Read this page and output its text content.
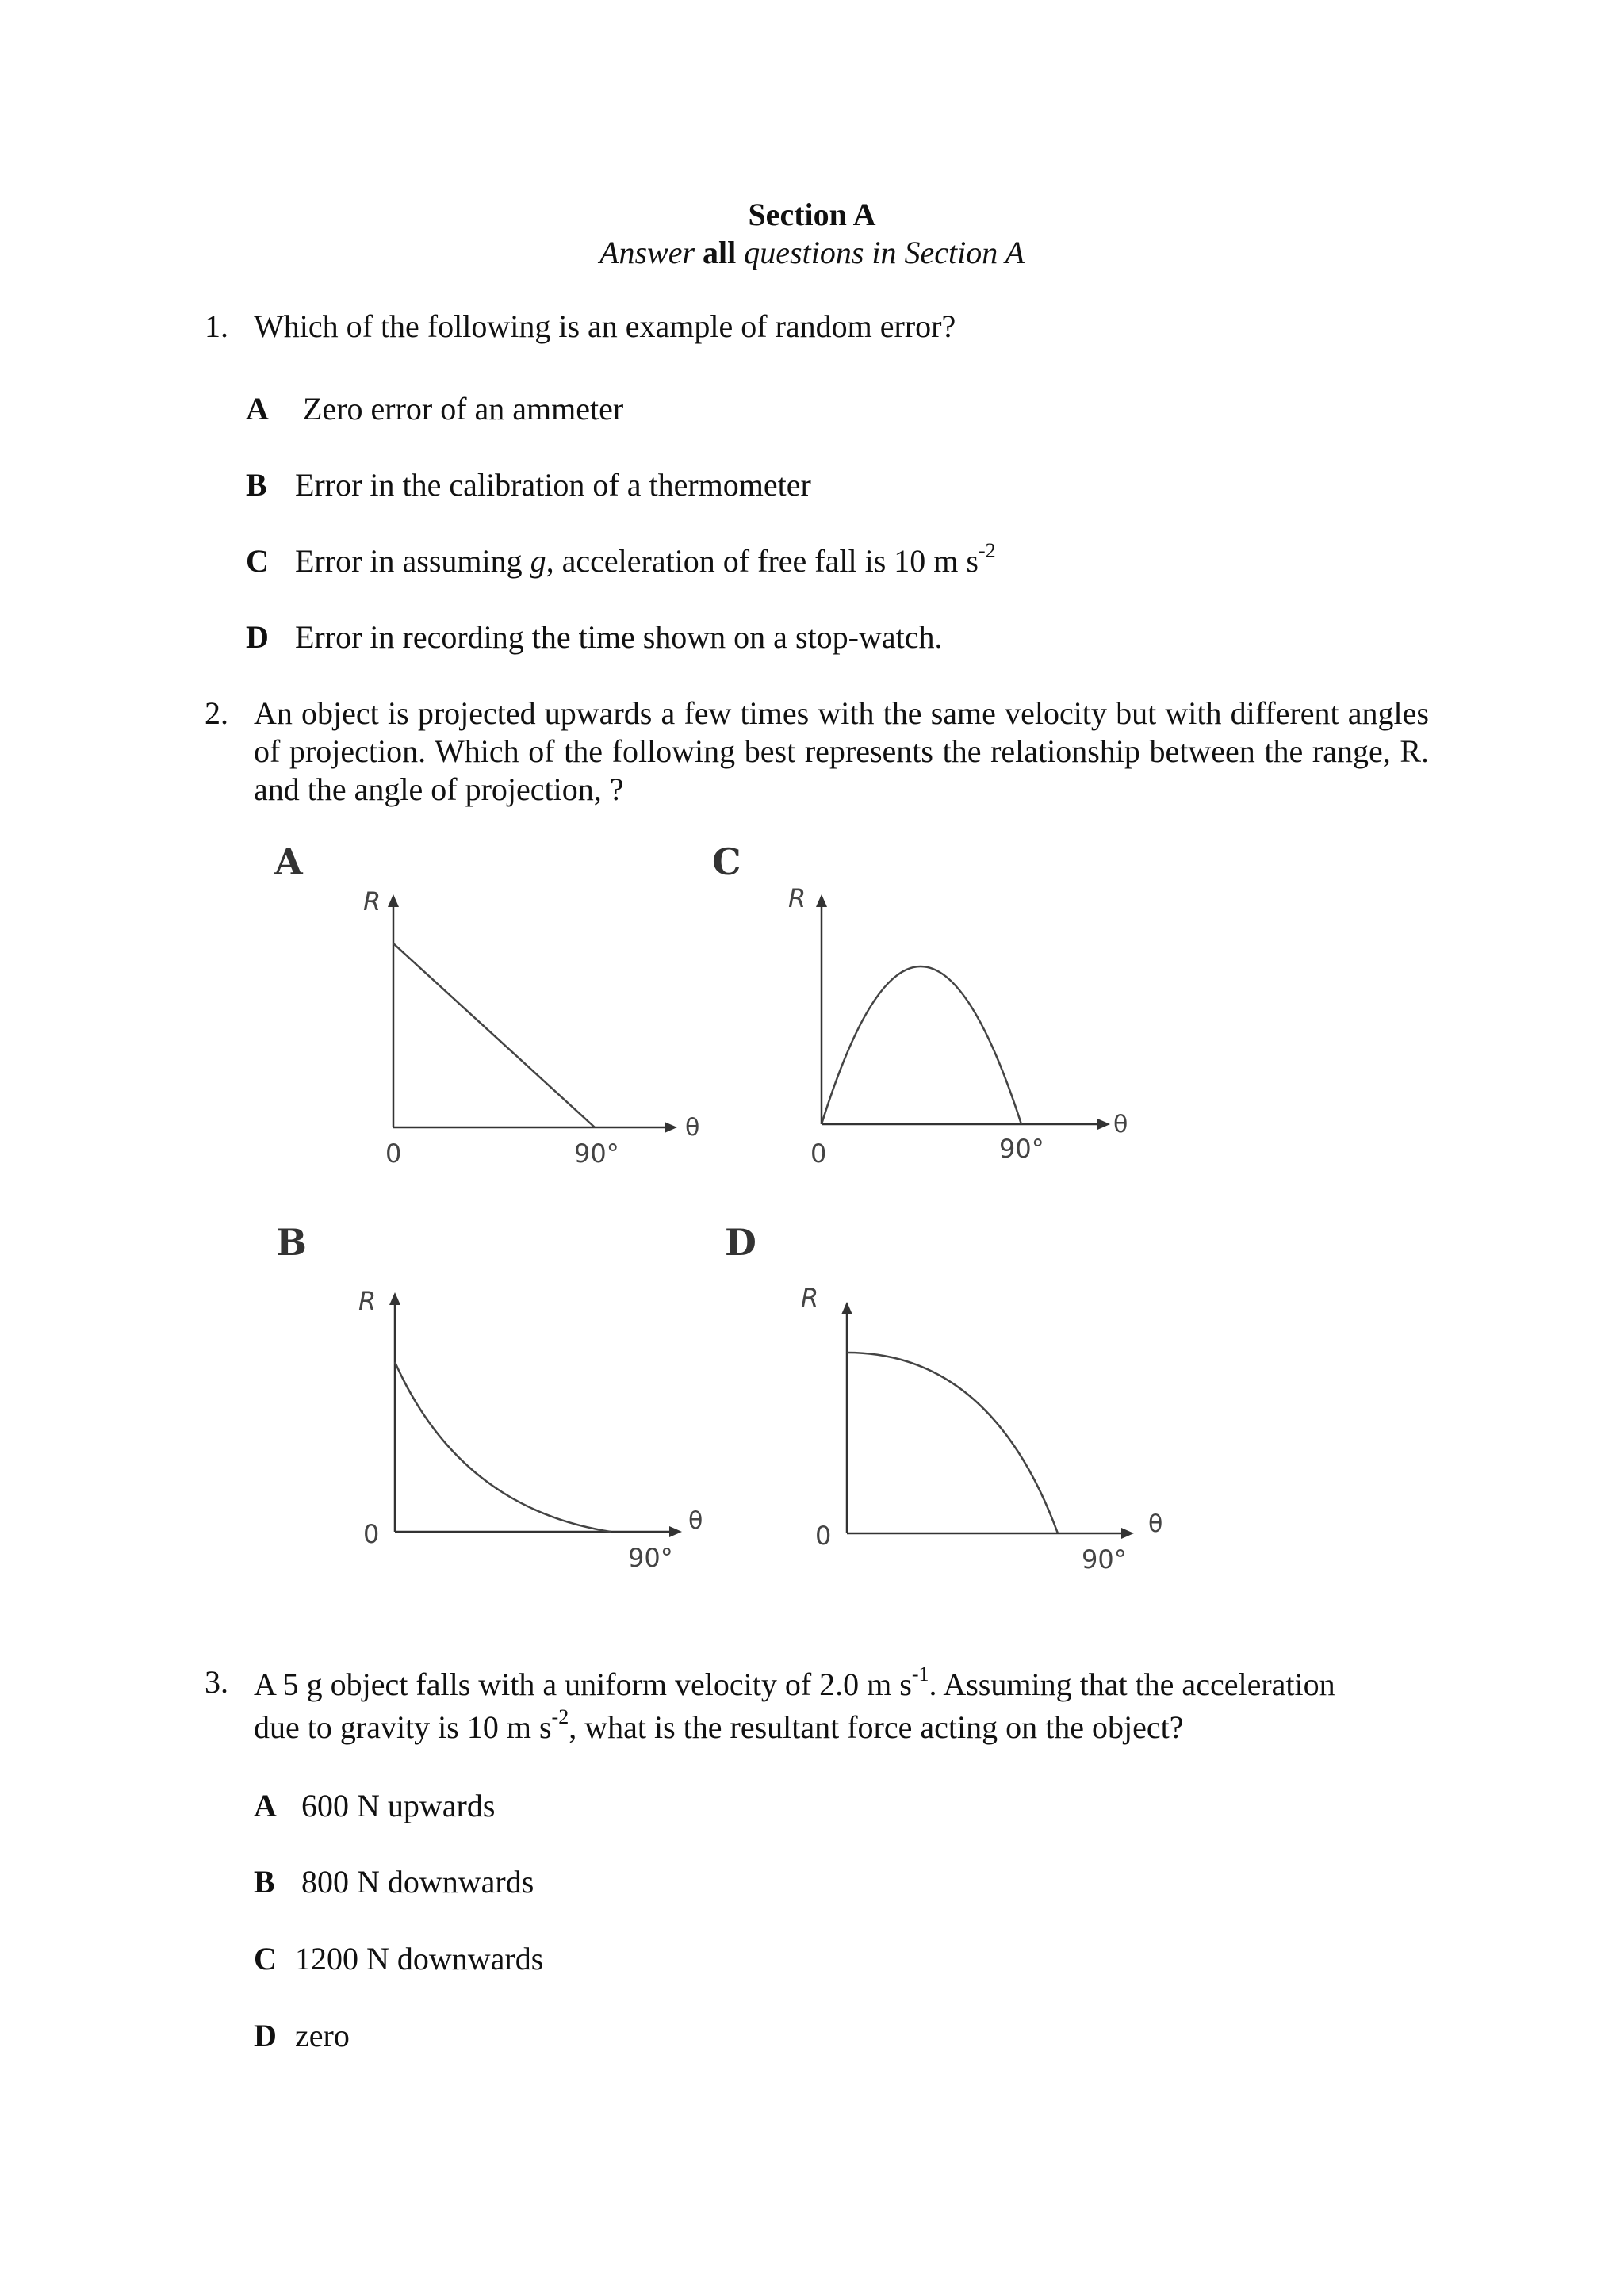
Section A
Answer all questions in Section A
1. Which of the following is an example of random error?
A Zero error of an ammeter
B Error in the calibration of a thermometer
C Error in assuming g, acceleration of free fall is 10 m $s^{-2}$
D Error in recording the time shown on a stop-watch.
2. An object is projected upwards a few times with the same velocity but with different angles of projection. Which of the following best represents the relationship between the range, R. and the angle of projection, ?
A
R
0	90°
θ
C
R
0	90°
θ
B
R
0
90°
θ
D
R
0
90°
θ
3. A 5 g object falls with a uniform velocity of 2.0 m $s^{-1}$. Assuming that the acceleration
due to gravity is 10 m $s^{-2}$, what is the resultant force acting on the object?
A 600 N upwards
B 800 N downwards
C 1200 N downwards
D zero
